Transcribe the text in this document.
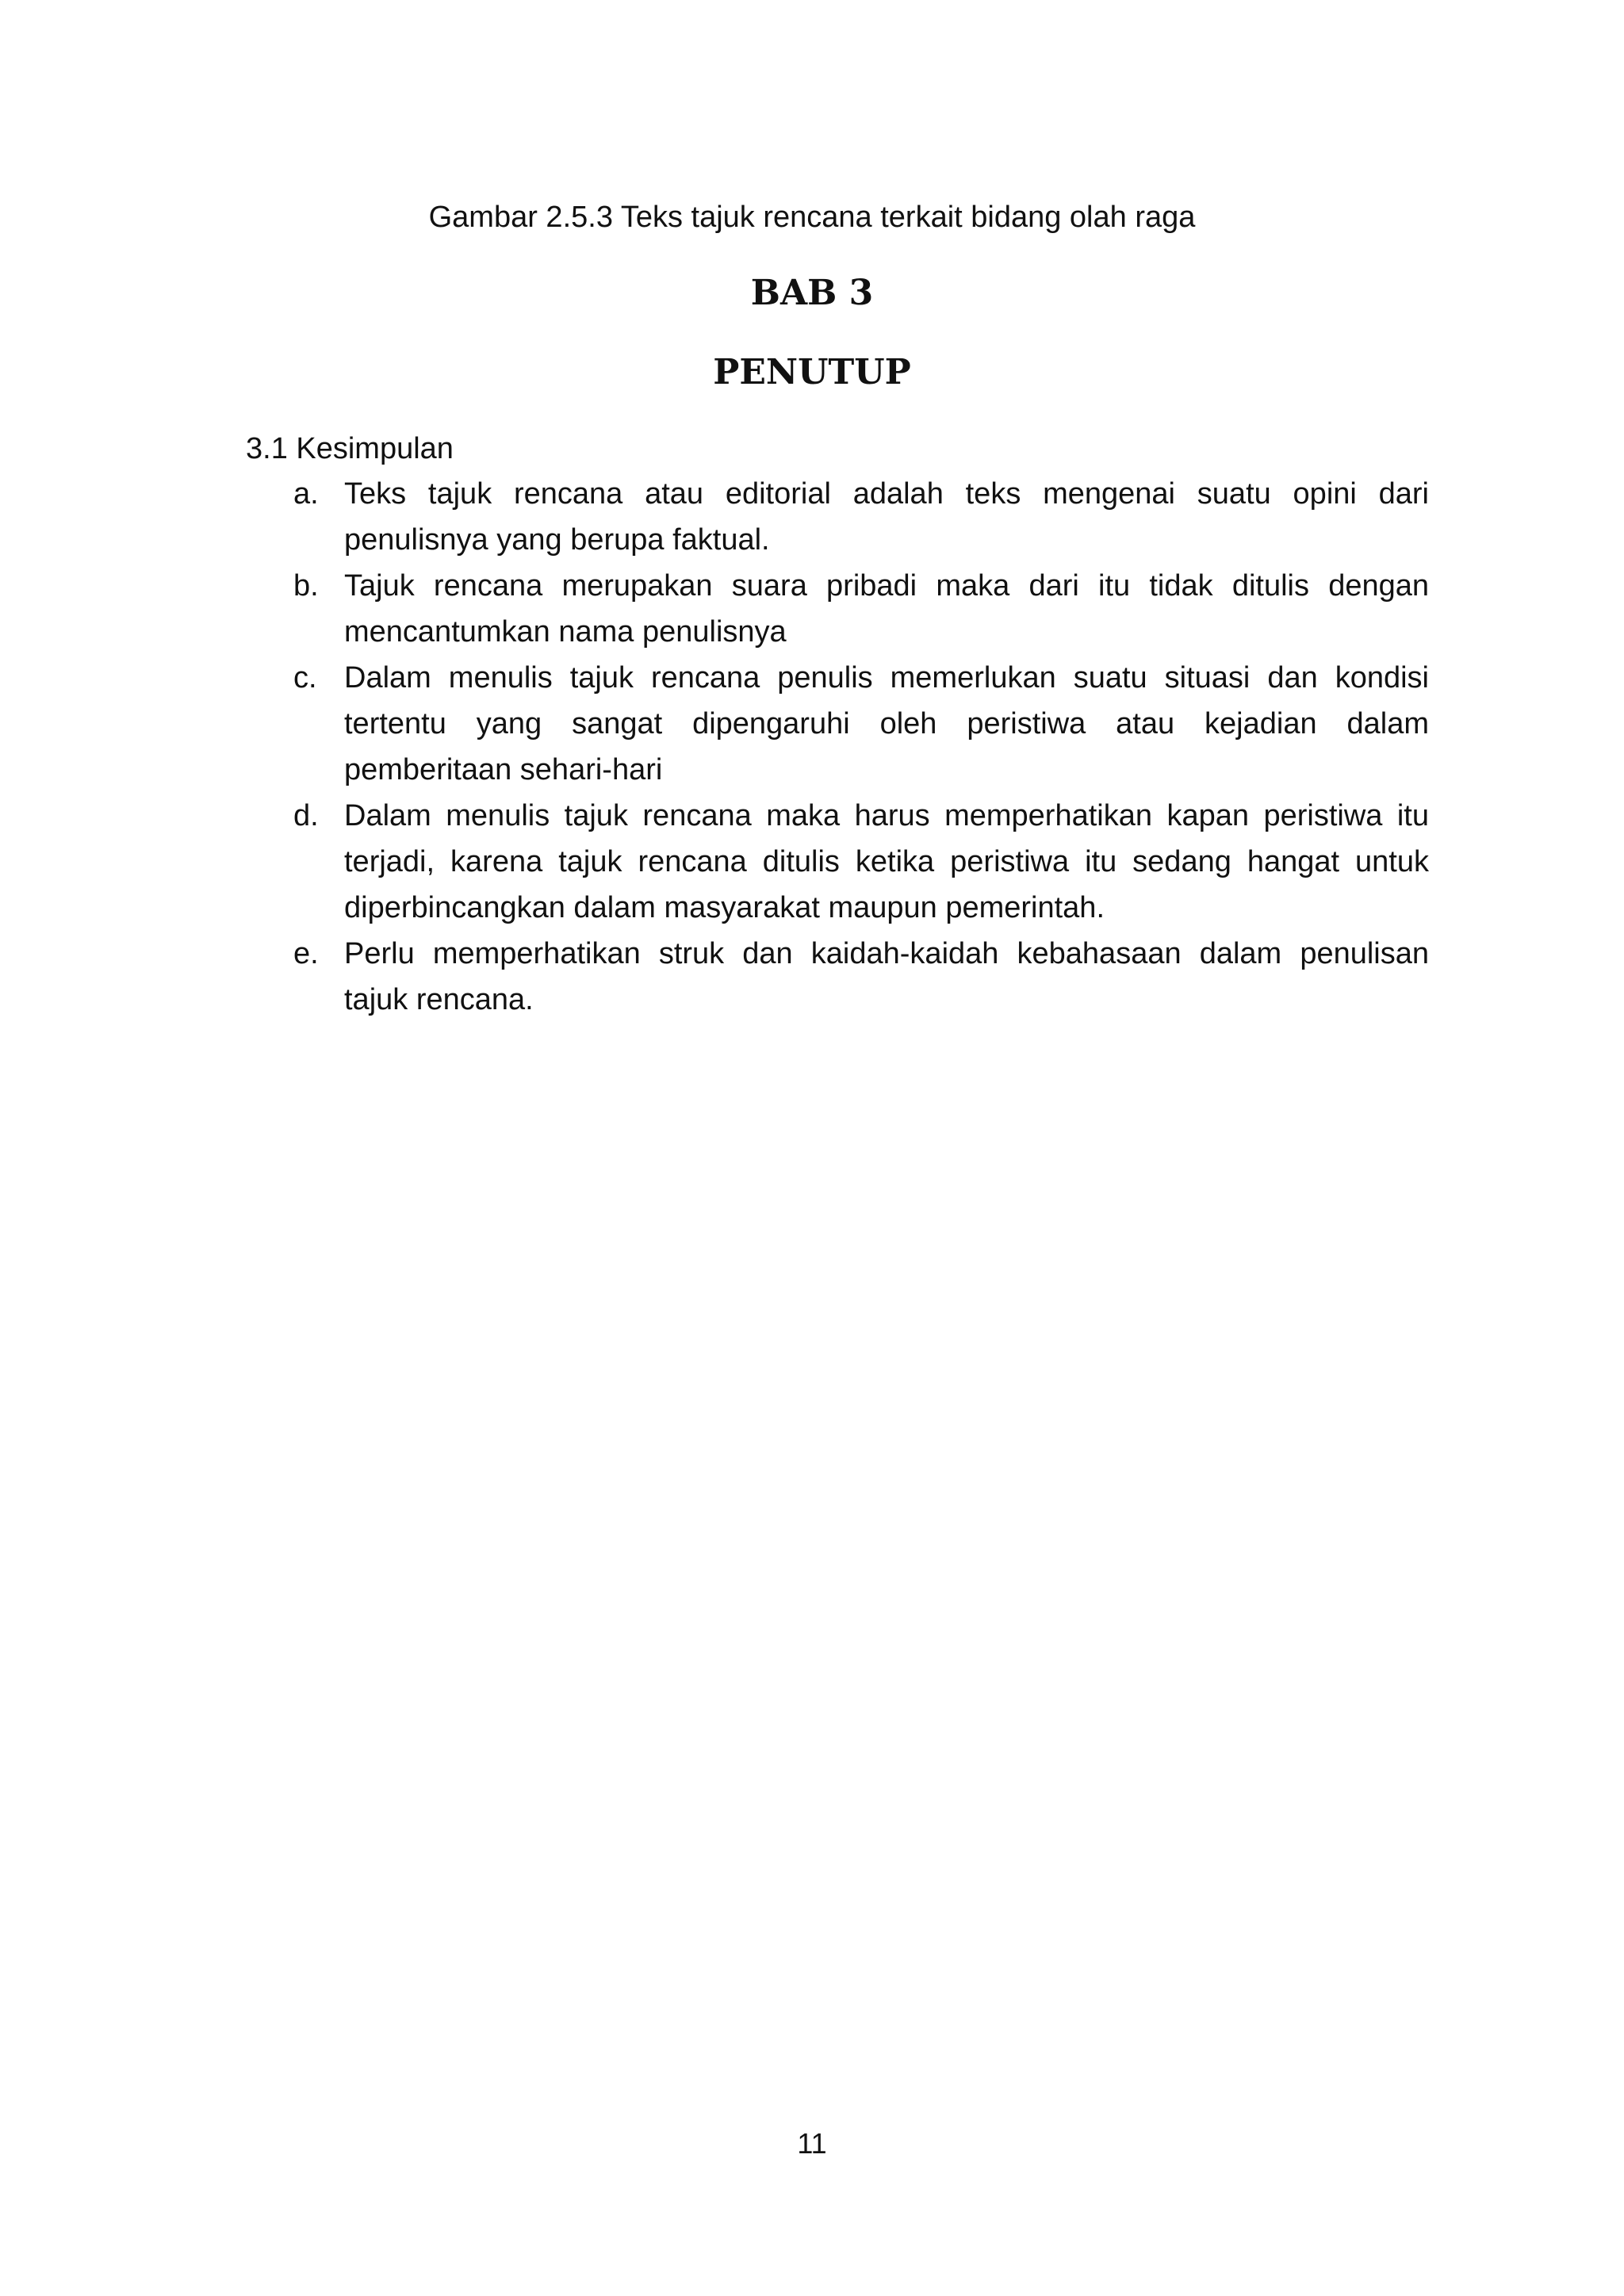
Gambar 2.5.3 Teks tajuk rencana terkait bidang olah raga
BAB 3
PENUTUP
3.1 Kesimpulan
a. Teks tajuk rencana atau editorial adalah teks mengenai suatu opini dari penulisnya yang berupa faktual.
b. Tajuk rencana merupakan suara pribadi maka dari itu tidak ditulis dengan mencantumkan nama penulisnya
c. Dalam menulis tajuk rencana penulis memerlukan suatu situasi dan kondisi tertentu yang sangat dipengaruhi oleh peristiwa atau kejadian dalam pemberitaan sehari-hari
d. Dalam menulis tajuk rencana maka harus memperhatikan kapan peristiwa itu terjadi, karena tajuk rencana ditulis ketika peristiwa itu sedang hangat untuk diperbincangkan dalam masyarakat maupun pemerintah.
e. Perlu memperhatikan struk dan kaidah-kaidah kebahasaan dalam penulisan tajuk rencana.
11
